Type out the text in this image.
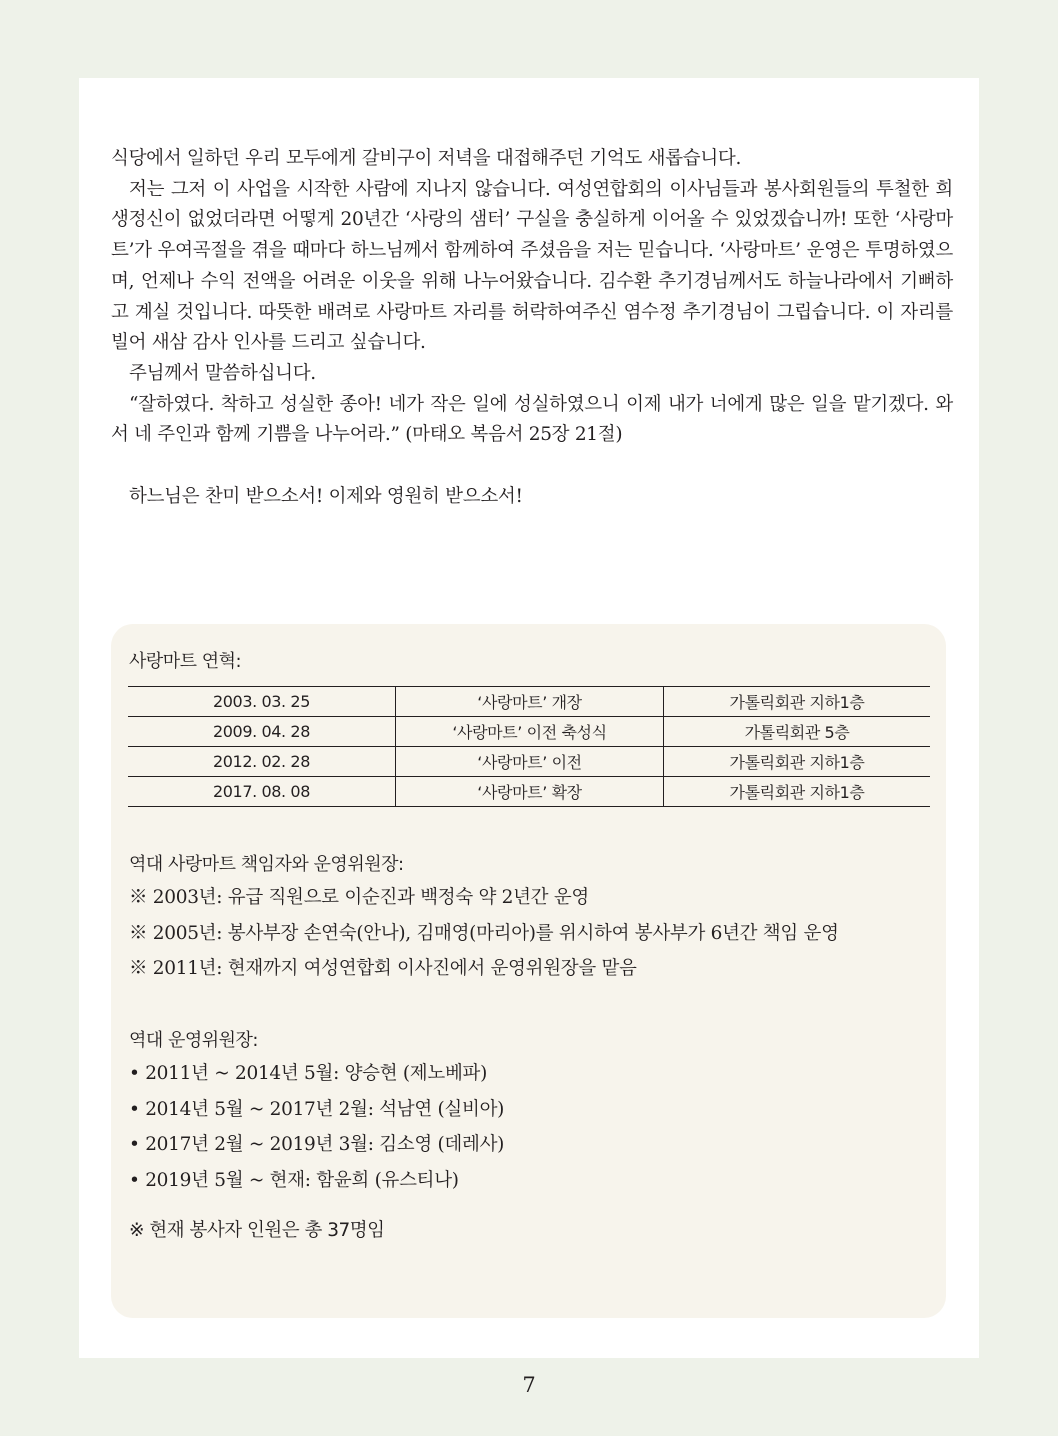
식당에서 일하던 우리 모두에게 갈비구이 저녁을 대접해주던 기억도 새롭습니다.

저는 그저 이 사업을 시작한 사람에 지나지 않습니다. 여성연합회의 이사님들과 봉사회원들의 투철한 희생정신이 없었더라면 어떻게 20년간 ‘사랑의 샘터’ 구실을 충실하게 이어올 수 있었겠습니까! 또한 ‘사랑마트’가 우여곡절을 겪을 때마다 하느님께서 함께하여 주셨음을 저는 믿습니다. ‘사랑마트’ 운영은 투명하였으며, 언제나 수익 전액을 어려운 이웃을 위해 나누어왔습니다. 김수환 추기경님께서도 하늘나라에서 기뻐하고 계실 것입니다. 따뜻한 배려로 사랑마트 자리를 허락하여주신 염수정 추기경님이 그립습니다. 이 자리를 빌어 새삼 감사 인사를 드리고 싶습니다.

주님께서 말씀하십니다.

“잘하였다. 착하고 성실한 종아! 네가 작은 일에 성실하였으니 이제 내가 너에게 많은 일을 맡기겠다. 와서 네 주인과 함께 기쁨을 나누어라.” (마태오 복음서 25장 21절)

하느님은 찬미 받으소서! 이제와 영원히 받으소서!

사랑마트 연혁:
2003. 03. 25	‘사랑마트’ 개장	가톨릭회관 지하1층
2009. 04. 28	‘사랑마트’ 이전 축성식	가톨릭회관 5층
2012. 02. 28	‘사랑마트’ 이전	가톨릭회관 지하1층
2017. 08. 08	‘사랑마트’ 확장	가톨릭회관 지하1층
역대 사랑마트 책임자와 운영위원장:
※ 2003년: 유급 직원으로 이순진과 백정숙 약 2년간 운영
※ 2005년: 봉사부장 손연숙(안나), 김매영(마리아)를 위시하여 봉사부가 6년간 책임 운영
※ 2011년: 현재까지 여성연합회 이사진에서 운영위원장을 맡음
역대 운영위원장:
• 2011년 ~ 2014년 5월: 양승현 (제노베파)
• 2014년 5월 ~ 2017년 2월: 석남연 (실비아)
• 2017년 2월 ~ 2019년 3월: 김소영 (데레사)
• 2019년 5월 ~ 현재: 함윤희 (유스티나)
※ 현재 봉사자 인원은 총 37명임
7
